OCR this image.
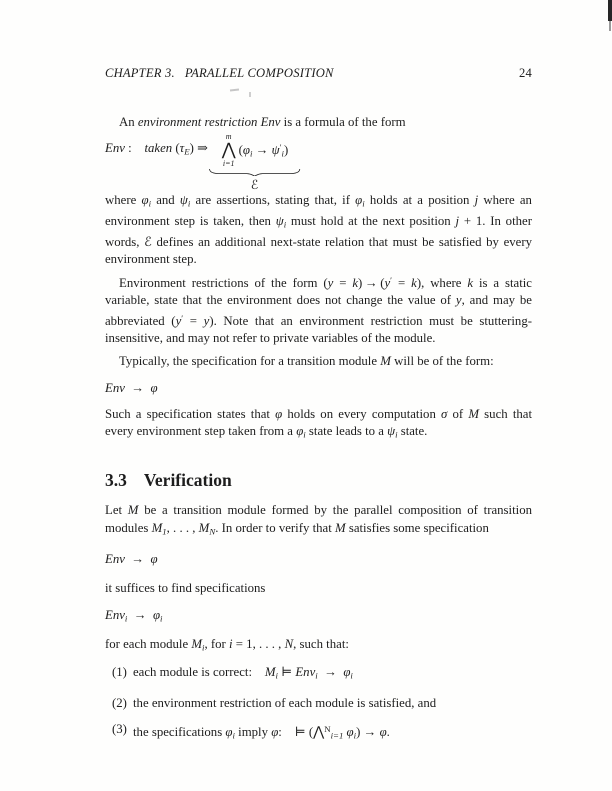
CHAPTER 3. PARALLEL COMPOSITION	24

An environment restriction Env is a formula of the form

Env :  taken (τE) ⇒
m
⋀
i=1
(φi → ψ′i)
ℰ

where φi and ψi are assertions, stating that, if φi holds at a position j where an environment step is taken, then ψi must hold at the next position j + 1. In other words, ℰ defines an additional next-state relation that must be satisfied by every environment step.

Environment restrictions of the form (y = k) → (y′ = k), where k is a static variable, state that the environment does not change the value of y, and may be abbreviated (y′ = y). Note that an environment restriction must be stuttering-insensitive, and may not refer to private variables of the module.

Typically, the specification for a transition module M will be of the form:

Env → φ

Such a specification states that φ holds on every computation σ of M such that every environment step taken from a φi state leads to a ψi state.

3.3 Verification

Let M be a transition module formed by the parallel composition of transition modules M1, . . . , MN. In order to verify that M satisfies some specification

Env → φ

it suffices to find specifications

Envi → φi

for each module Mi, for i = 1, . . . , N, such that:

(1) each module is correct:  Mi ⊨ Envi → φi
(2) the environment restriction of each module is satisfied, and
(3) the specifications φi imply φ:  ⊨ (⋀$^N$i=1 φi) → φ.
